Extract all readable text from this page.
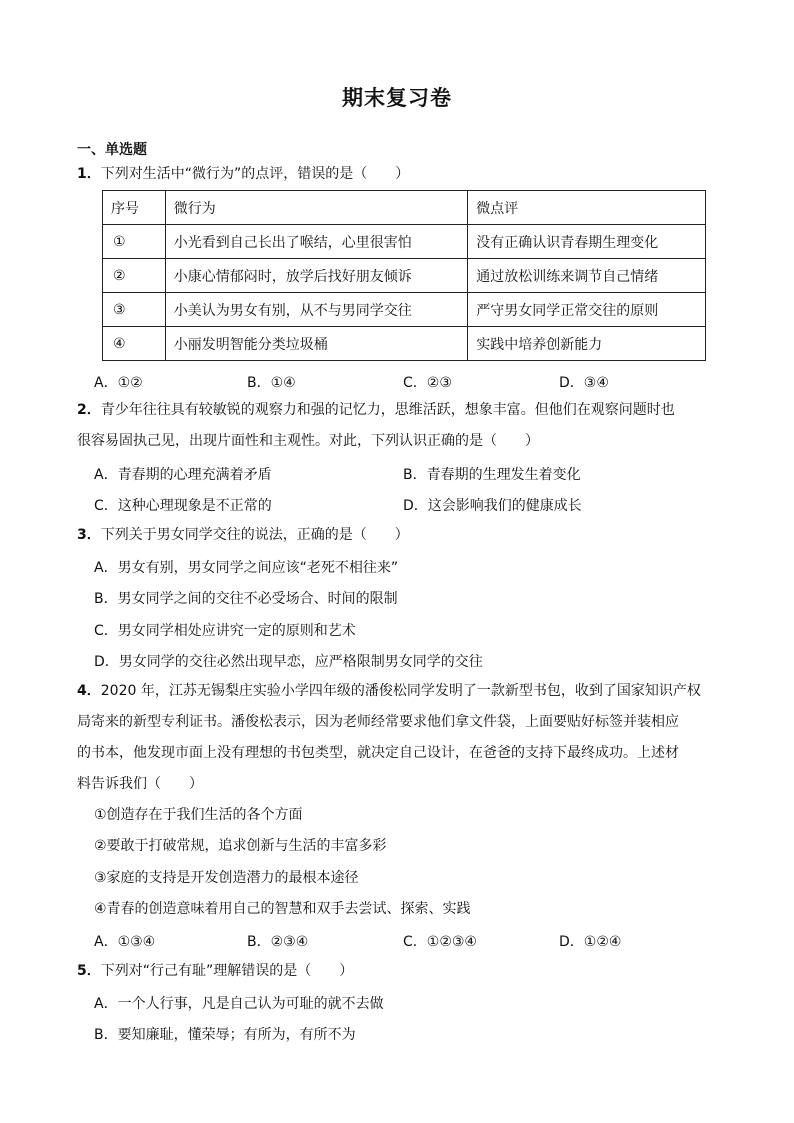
期末复习卷
一、单选题
1．下列对生活中“微行为”的点评，错误的是（　　）
序号	微行为	微点评
①	小光看到自己长出了喉结，心里很害怕	没有正确认识青春期生理变化
②	小康心情郁闷时，放学后找好朋友倾诉	通过放松训练来调节自己情绪
③	小美认为男女有别，从不与男同学交往	严守男女同学正常交往的原则
④	小丽发明智能分类垃圾桶	实践中培养创新能力
A．①②	B．①④	C．②③	D．③④
2．青少年往往具有较敏锐的观察力和强的记忆力，思维活跃，想象丰富。但他们在观察问题时也
很容易固执己见，出现片面性和主观性。对此，下列认识正确的是（　　）
A．青春期的心理充满着矛盾	B．青春期的生理发生着变化
C．这种心理现象是不正常的	D．这会影响我们的健康成长
3．下列关于男女同学交往的说法，正确的是（　　）
A．男女有别，男女同学之间应该“老死不相往来”
B．男女同学之间的交往不必受场合、时间的限制
C．男女同学相处应讲究一定的原则和艺术
D．男女同学的交往必然出现早恋，应严格限制男女同学的交往
4．2020 年，江苏无锡梨庄实验小学四年级的潘俊松同学发明了一款新型书包，收到了国家知识产权
局寄来的新型专利证书。潘俊松表示，因为老师经常要求他们拿文件袋，上面要贴好标签并装相应
的书本，他发现市面上没有理想的书包类型，就决定自己设计，在爸爸的支持下最终成功。上述材
料告诉我们（　　）
①创造存在于我们生活的各个方面
②要敢于打破常规，追求创新与生活的丰富多彩
③家庭的支持是开发创造潜力的最根本途径
④青春的创造意味着用自己的智慧和双手去尝试、探索、实践
A．①③④	B．②③④	C．①②③④	D．①②④
5．下列对“行己有耻”理解错误的是（　　）
A．一个人行事，凡是自己认为可耻的就不去做
B．要知廉耻，懂荣辱；有所为，有所不为
